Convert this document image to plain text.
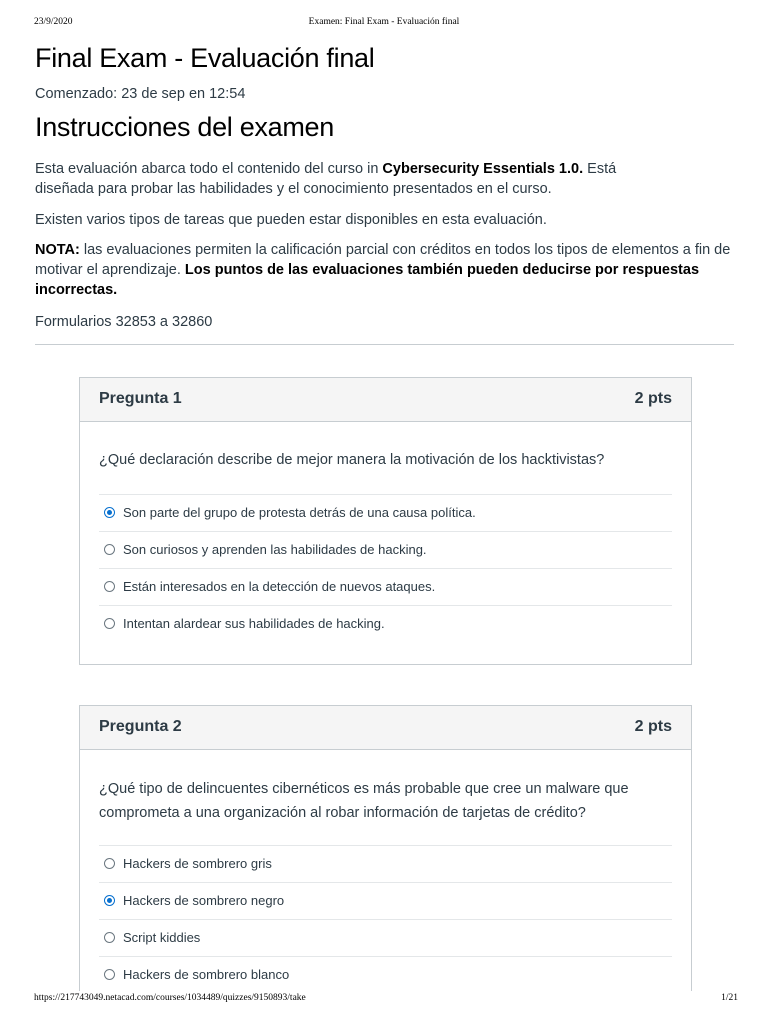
23/9/2020	Examen: Final Exam - Evaluación final
Final Exam - Evaluación final
Comenzado: 23 de sep en 12:54
Instrucciones del examen

Esta evaluación abarca todo el contenido del curso in Cybersecurity Essentials 1.0. Está diseñada para probar las habilidades y el conocimiento presentados en el curso.

Existen varios tipos de tareas que pueden estar disponibles en esta evaluación.

NOTA: las evaluaciones permiten la calificación parcial con créditos en todos los tipos de elementos a fin de motivar el aprendizaje. Los puntos de las evaluaciones también pueden deducirse por respuestas incorrectas.

Formularios 32853 a 32860

Pregunta 1	2 pts
¿Qué declaración describe de mejor manera la motivación de los hacktivistas?
Son parte del grupo de protesta detrás de una causa política.
Son curiosos y aprenden las habilidades de hacking.
Están interesados en la detección de nuevos ataques.
Intentan alardear sus habilidades de hacking.
Pregunta 2	2 pts
¿Qué tipo de delincuentes cibernéticos es más probable que cree un malware que comprometa a una organización al robar información de tarjetas de crédito?
Hackers de sombrero gris
Hackers de sombrero negro
Script kiddies
Hackers de sombrero blanco
https://217743049.netacad.com/courses/1034489/quizzes/9150893/take	1/21
